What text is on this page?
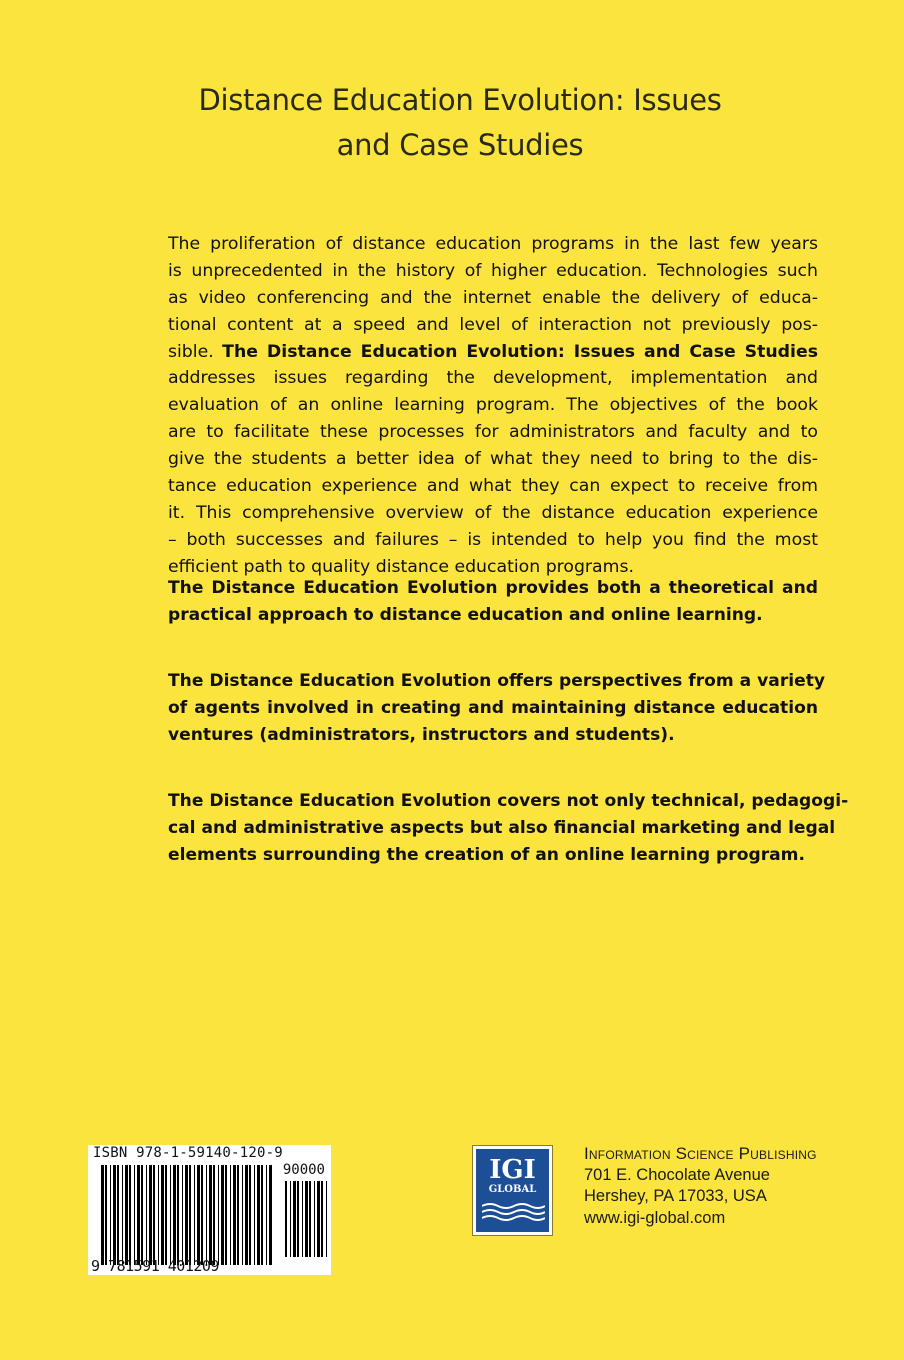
Distance Education Evolution: Issues
and Case Studies
The proliferation of distance education programs in the last few years
is unprecedented in the history of higher education. Technologies such
as video conferencing and the internet enable the delivery of educa-
tional content at a speed and level of interaction not previously pos-
sible. The Distance Education Evolution: Issues and Case Studies
addresses issues regarding the development, implementation and
evaluation of an online learning program. The objectives of the book
are to facilitate these processes for administrators and faculty and to
give the students a better idea of what they need to bring to the dis-
tance education experience and what they can expect to receive from
it. This comprehensive overview of the distance education experience
– both successes and failures – is intended to help you find the most
efficient path to quality distance education programs.
The Distance Education Evolution provides both a theoretical and
practical approach to distance education and online learning.
The Distance Education Evolution offers perspectives from a variety
of agents involved in creating and maintaining distance education
ventures (administrators, instructors and students).
The Distance Education Evolution covers not only technical, pedagogi-
cal and administrative aspects but also financial marketing and legal
elements surrounding the creation of an online learning program.
ISBN 978-1-59140-120-9
90000
9 781591 401209
IGI
GLOBAL
Information Science Publishing
701 E. Chocolate Avenue
Hershey, PA 17033, USA
www.igi-global.com
